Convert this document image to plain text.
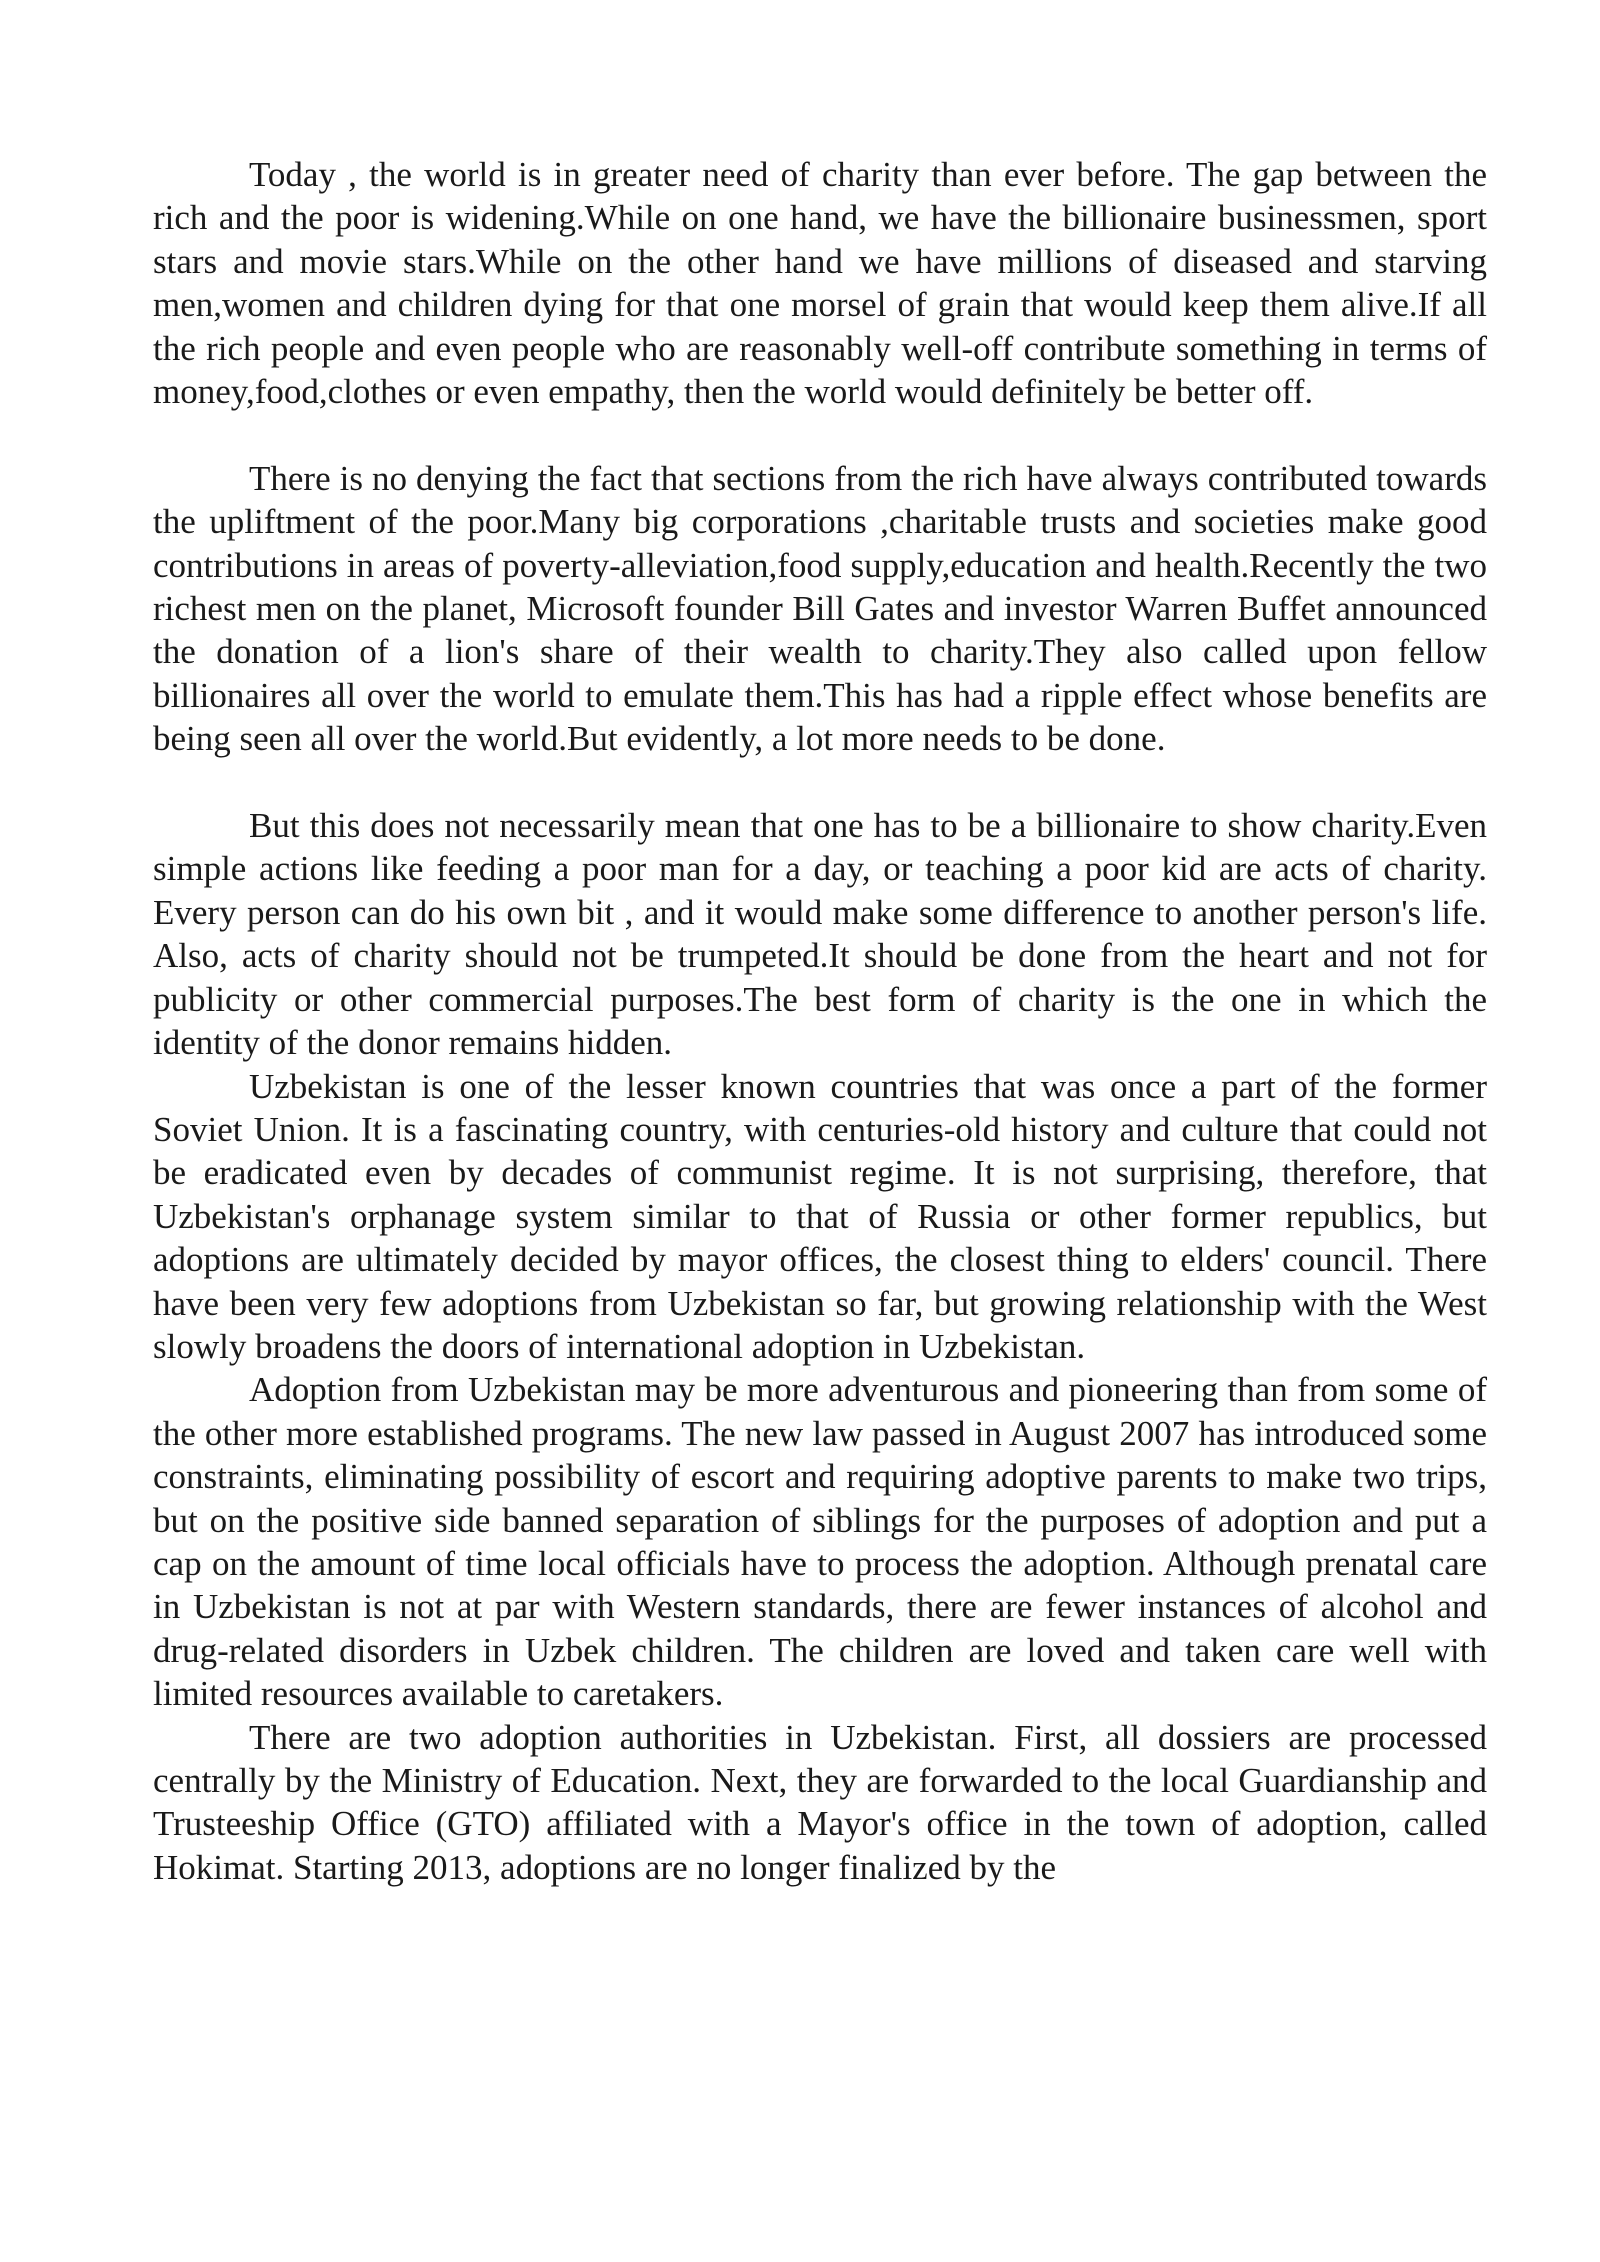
Today , the world is in greater need of charity than ever before. The gap between the rich and the poor is widening.While on one hand, we have the billionaire businessmen, sport stars and movie stars.While on the other hand we have millions of diseased and starving men,women and children dying for that one morsel of grain that would keep them alive.If all the rich people and even people who are reasonably well-off contribute something in terms of money,food,clothes or even empathy, then the world would definitely be better off.

There is no denying the fact that sections from the rich have always contributed towards the upliftment of the poor.Many big corporations ,charitable trusts and societies make good contributions in areas of poverty-alleviation,food supply,education and health.Recently the two richest men on the planet, Microsoft founder Bill Gates and investor Warren Buffet announced the donation of a lion's share of their wealth to charity.They also called upon fellow billionaires all over the world to emulate them.This has had a ripple effect whose benefits are being seen all over the world.But evidently, a lot more needs to be done.

But this does not necessarily mean that one has to be a billionaire to show charity.Even simple actions like feeding a poor man for a day, or teaching a poor kid are acts of charity. Every person can do his own bit , and it would make some difference to another person's life. Also, acts of charity should not be trumpeted.It should be done from the heart and not for publicity or other commercial purposes.The best form of charity is the one in which the identity of the donor remains hidden.

Uzbekistan is one of the lesser known countries that was once a part of the former Soviet Union. It is a fascinating country, with centuries-old history and culture that could not be eradicated even by decades of communist regime. It is not surprising, therefore, that Uzbekistan's orphanage system similar to that of Russia or other former republics, but adoptions are ultimately decided by mayor offices, the closest thing to elders' council. There have been very few adoptions from Uzbekistan so far, but growing relationship with the West slowly broadens the doors of international adoption in Uzbekistan.

Adoption from Uzbekistan may be more adventurous and pioneering than from some of the other more established programs. The new law passed in August 2007 has introduced some constraints, eliminating possibility of escort and requiring adoptive parents to make two trips, but on the positive side banned separation of siblings for the purposes of adoption and put a cap on the amount of time local officials have to process the adoption. Although prenatal care in Uzbekistan is not at par with Western standards, there are fewer instances of alcohol and drug-related disorders in Uzbek children. The children are loved and taken care well with limited resources available to caretakers.

There are two adoption authorities in Uzbekistan. First, all dossiers are processed centrally by the Ministry of Education. Next, they are forwarded to the local Guardianship and Trusteeship Office (GTO) affiliated with a Mayor's office in the town of adoption, called Hokimat. Starting 2013, adoptions are no longer finalized by the
